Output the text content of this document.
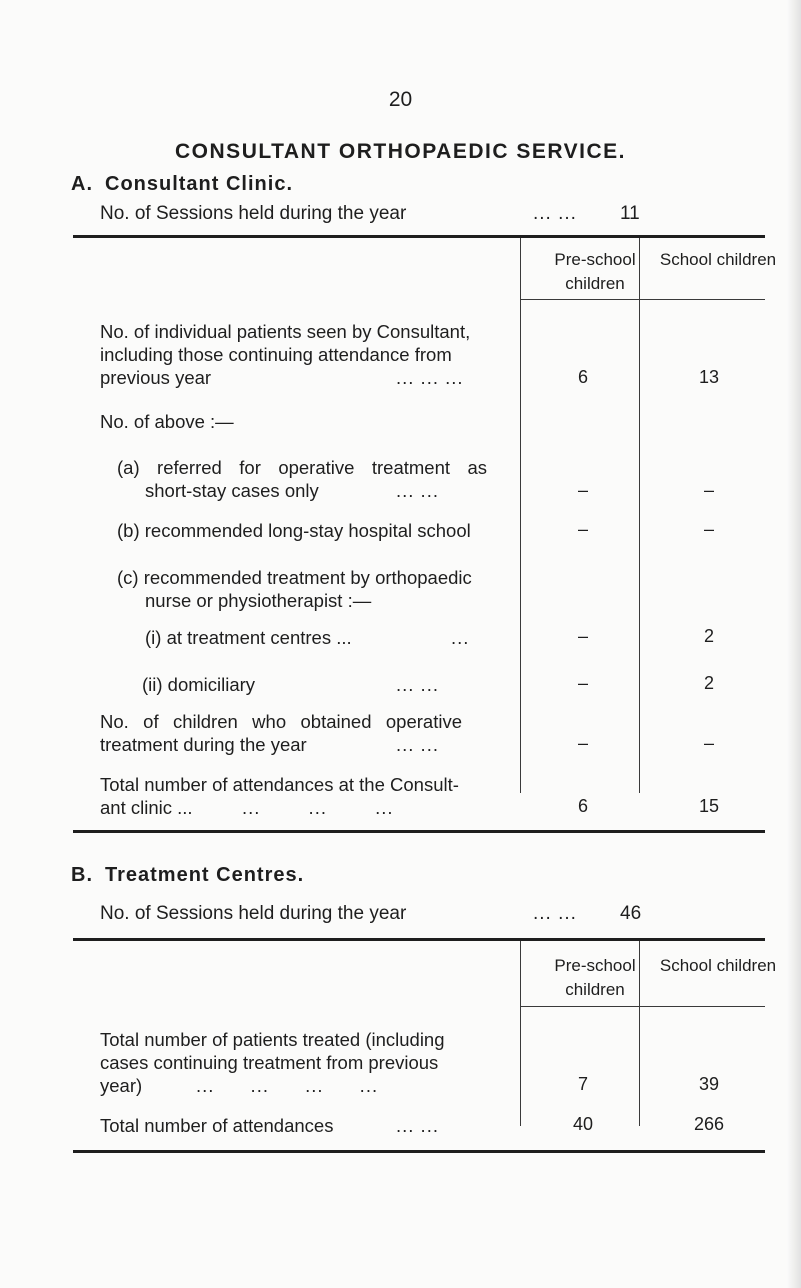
20
CONSULTANT ORTHOPAEDIC SERVICE.
A. Consultant Clinic.
No. of Sessions held during the year	... ... 11
Pre-school children
School children
No. of individual patients seen by Consultant,
including those continuing attendance from
previous year	... ... ...	6	13
No. of above :—
(a) referred for operative treatment as
short-stay cases only	... ...	–	–
(b) recommended long-stay hospital school	–	–
(c) recommended treatment by orthopaedic
nurse or physiotherapist :—
(i) at treatment centres ...	...	–	2
(ii) domiciliary	... ...	–	2
No. of children who obtained operative
treatment during the year	... ...	–	–
Total number of attendances at the Consult-
ant clinic ...	... ... ...	6	15
B. Treatment Centres.
No. of Sessions held during the year	... ... 46
Pre-school children
School children
Total number of patients treated (including
cases continuing treatment from previous
year)	... ... ... ...	7	39
Total number of attendances	... ...	40	266
